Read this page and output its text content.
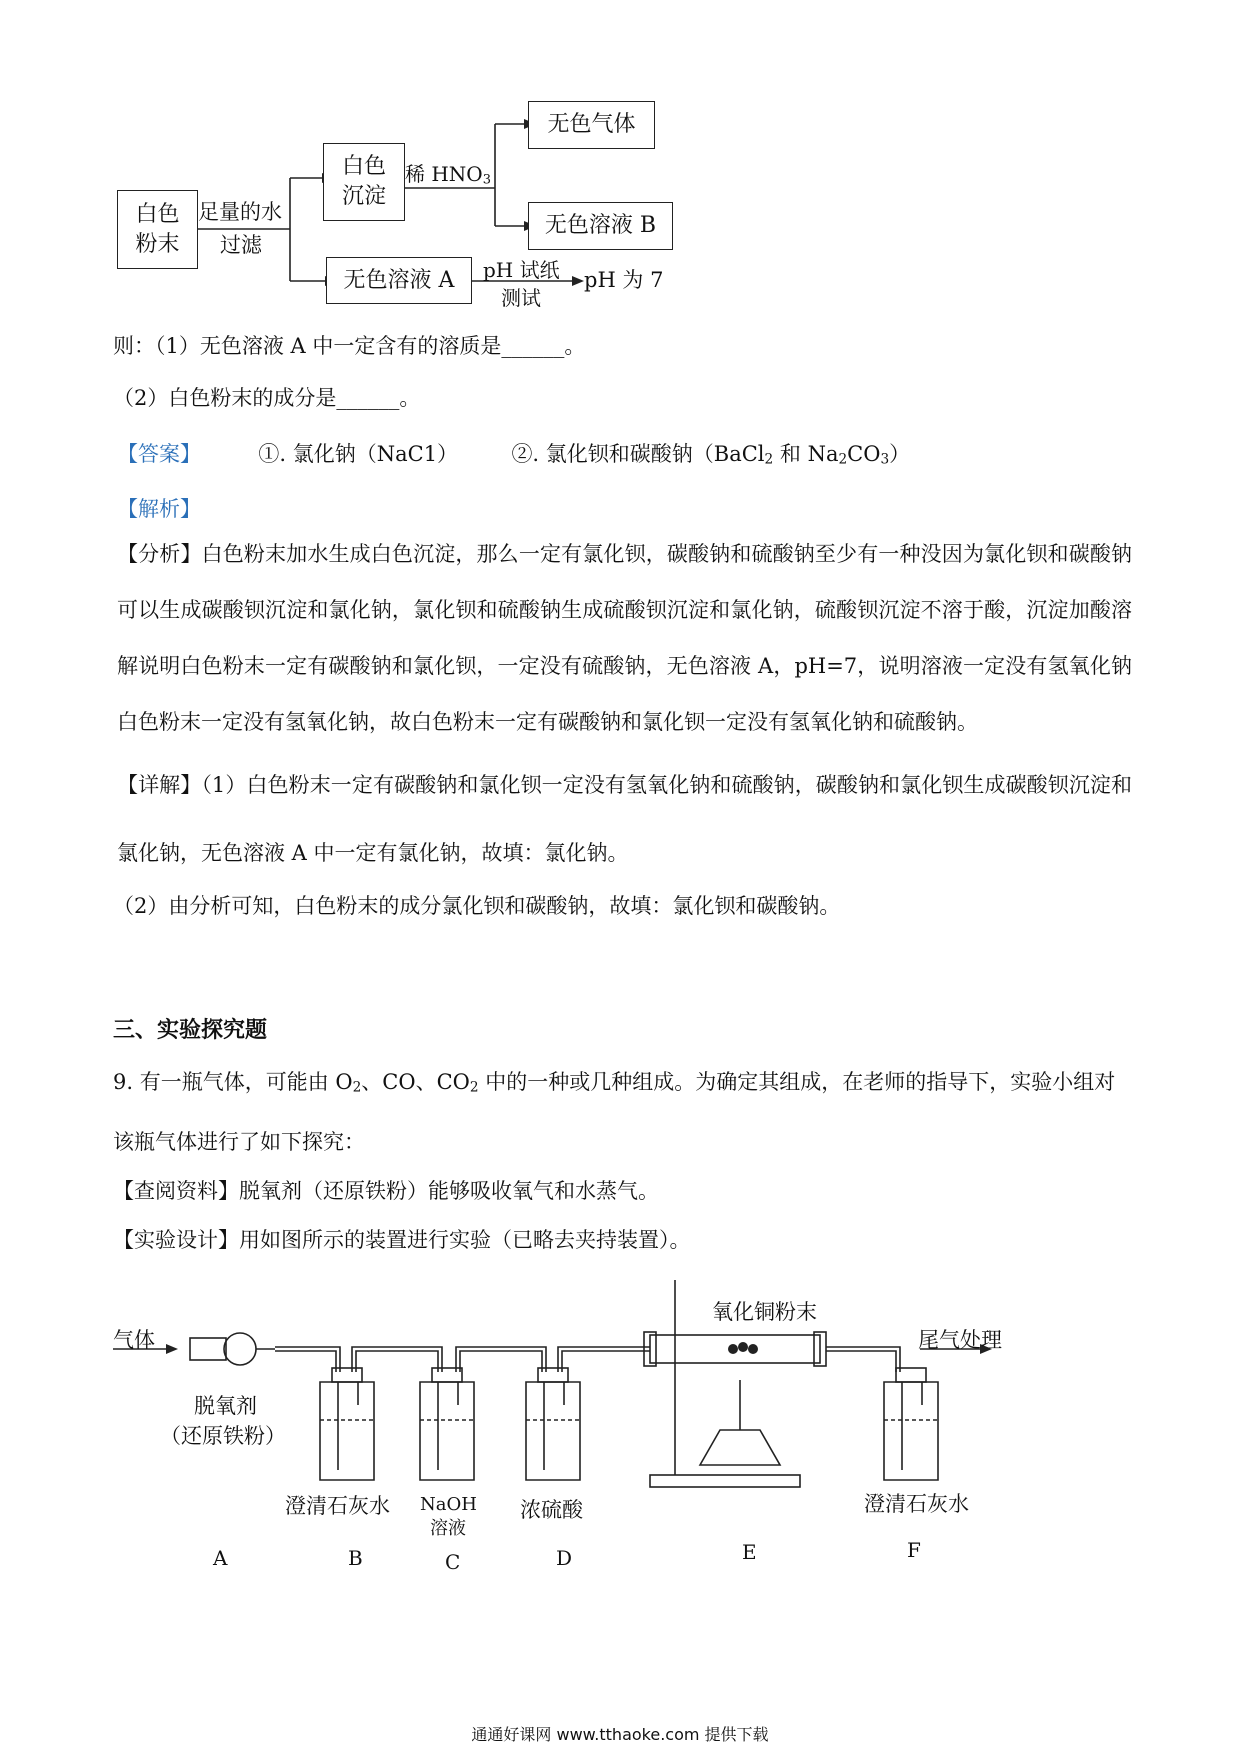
白色
粉末
足量的水
过滤
白色
沉淀
稀 $HNO_3$
无色气体
无色溶液 B
无色溶液 A pH 试纸
测试
pH 为 7
则：（1）无色溶液 A 中一定含有的溶质是______。
（2）白色粉末的成分是______。
【答案】	①. 氯化钠（NaC1）	②. 氯化钡和碳酸钠（BaCl$_2$ 和 $Na_2CO_3$）
【解析】
【分析】白色粉末加水生成白色沉淀，那么一定有氯化钡，碳酸钠和硫酸钠至少有一种没因为氯化钡和碳酸钠可以生成碳酸钡沉淀和氯化钠，氯化钡和硫酸钠生成硫酸钡沉淀和氯化钠，硫酸钡沉淀不溶于酸，沉淀加酸溶解说明白色粉末一定有碳酸钠和氯化钡，一定没有硫酸钠，无色溶液 A，pH=7，说明溶液一定没有氢氧化钠白色粉末一定没有氢氧化钠，故白色粉末一定有碳酸钠和氯化钡一定没有氢氧化钠和硫酸钠。
【详解】（1）白色粉末一定有碳酸钠和氯化钡一定没有氢氧化钠和硫酸钠，碳酸钠和氯化钡生成碳酸钡沉淀和氯化钠，无色溶液 A 中一定有氯化钠，故填：氯化钠。
（2）由分析可知，白色粉末的成分氯化钡和碳酸钠，故填：氯化钡和碳酸钠。
三、实验探究题
9. 有一瓶气体，可能由 $O_2$、CO、$CO_2$ 中的一种或几种组成。为确定其组成，在老师的指导下，实验小组对
该瓶气体进行了如下探究：
【查阅资料】脱氧剂（还原铁粉）能够吸收氧气和水蒸气。
【实验设计】用如图所示的装置进行实验（已略去夹持装置）。
气体
脱氧剂
（还原铁粉）
氧化铜粉末
尾气处理
澄清石灰水 NaOH
溶液
浓硫酸	澄清石灰水
A	B	C	D	E	F
通通好课网 www.tthaoke.com 提供下载
